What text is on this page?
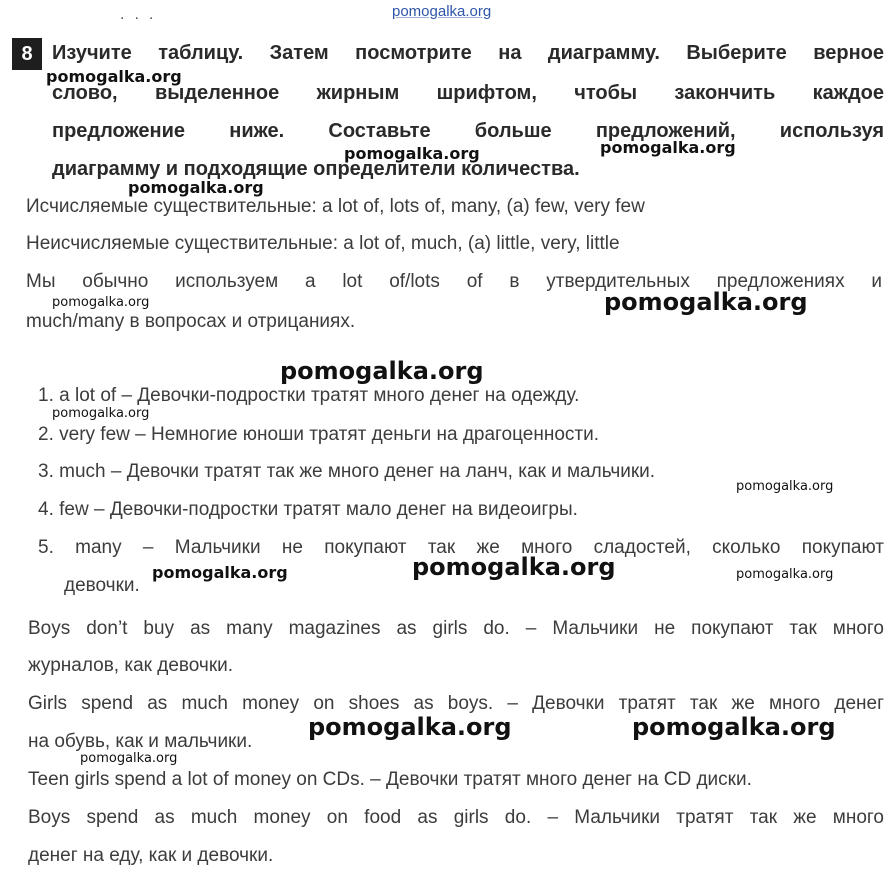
...	pomogalka.org
8 Изучите таблицу. Затем посмотрите на диаграмму. Выберите верное
слово, выделенное жирным шрифтом, чтобы закончить каждое
предложение ниже. Составьте больше предложений, используя
диаграмму и подходящие определители количества.
Исчисляемые существительные: a lot of, lots of, many, (a) few, very few
Неисчисляемые существительные: a lot of, much, (a) little, very, little
Мы обычно используем a lot of/lots of в утвердительных предложениях и
much/many в вопросах и отрицаниях.
1. a lot of – Девочки-подростки тратят много денег на одежду.
2. very few – Немногие юноши тратят деньги на драгоценности.
3. much – Девочки тратят так же много денег на ланч, как и мальчики.
4. few – Девочки-подростки тратят мало денег на видеоигры.
5. many – Мальчики не покупают так же много сладостей, сколько покупают
девочки.
Boys don’t buy as many magazines as girls do. – Мальчики не покупают так много
журналов, как девочки.
Girls spend as much money on shoes as boys. – Девочки тратят так же много денег
на обувь, как и мальчики.
Teen girls spend a lot of money on CDs. – Девочки тратят много денег на CD диски.
Boys spend as much money on food as girls do. – Мальчики тратят так же много
денег на еду, как и девочки.
pomogalka.org
pomogalka.org	pomogalka.org
pomogalka.org
pomogalka.org	pomogalka.org
pomogalka.org
pomogalka.org
pomogalka.org
pomogalka.org	pomogalka.org	pomogalka.org
pomogalka.org	pomogalka.org
pomogalka.org
